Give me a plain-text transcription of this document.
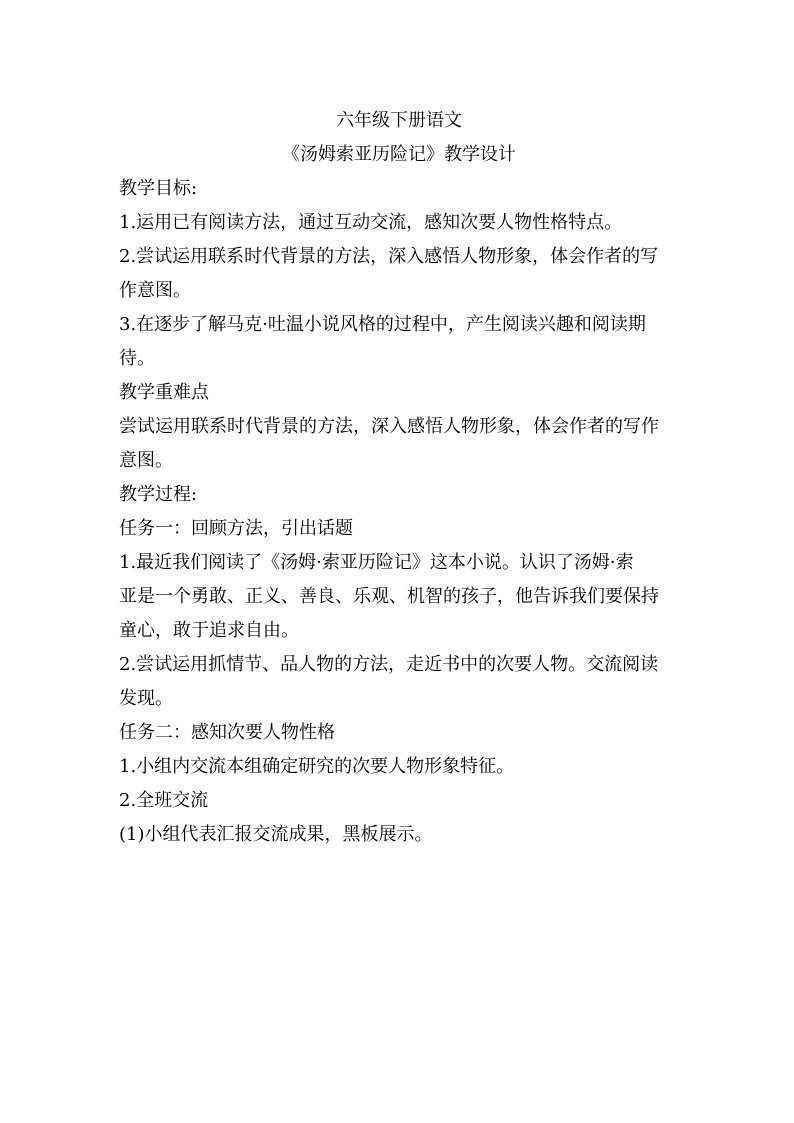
六年级下册语文
《汤姆索亚历险记》教学设计
教学目标:
1.运用已有阅读方法，通过互动交流，感知次要人物性格特点。
2.尝试运用联系时代背景的方法，深入感悟人物形象，体会作者的写
作意图。
3.在逐步了解马克·吐温小说风格的过程中，产生阅读兴趣和阅读期
待。
教学重难点
尝试运用联系时代背景的方法，深入感悟人物形象，体会作者的写作
意图。
教学过程:
任务一：回顾方法，引出话题
1.最近我们阅读了《汤姆·索亚历险记》这本小说。认识了汤姆·索
亚是一个勇敢、正义、善良、乐观、机智的孩子，他告诉我们要保持
童心，敢于追求自由。
2.尝试运用抓情节、品人物的方法，走近书中的次要人物。交流阅读
发现。
任务二：感知次要人物性格
1.小组内交流本组确定研究的次要人物形象特征。
2.全班交流
(1)小组代表汇报交流成果，黑板展示。
